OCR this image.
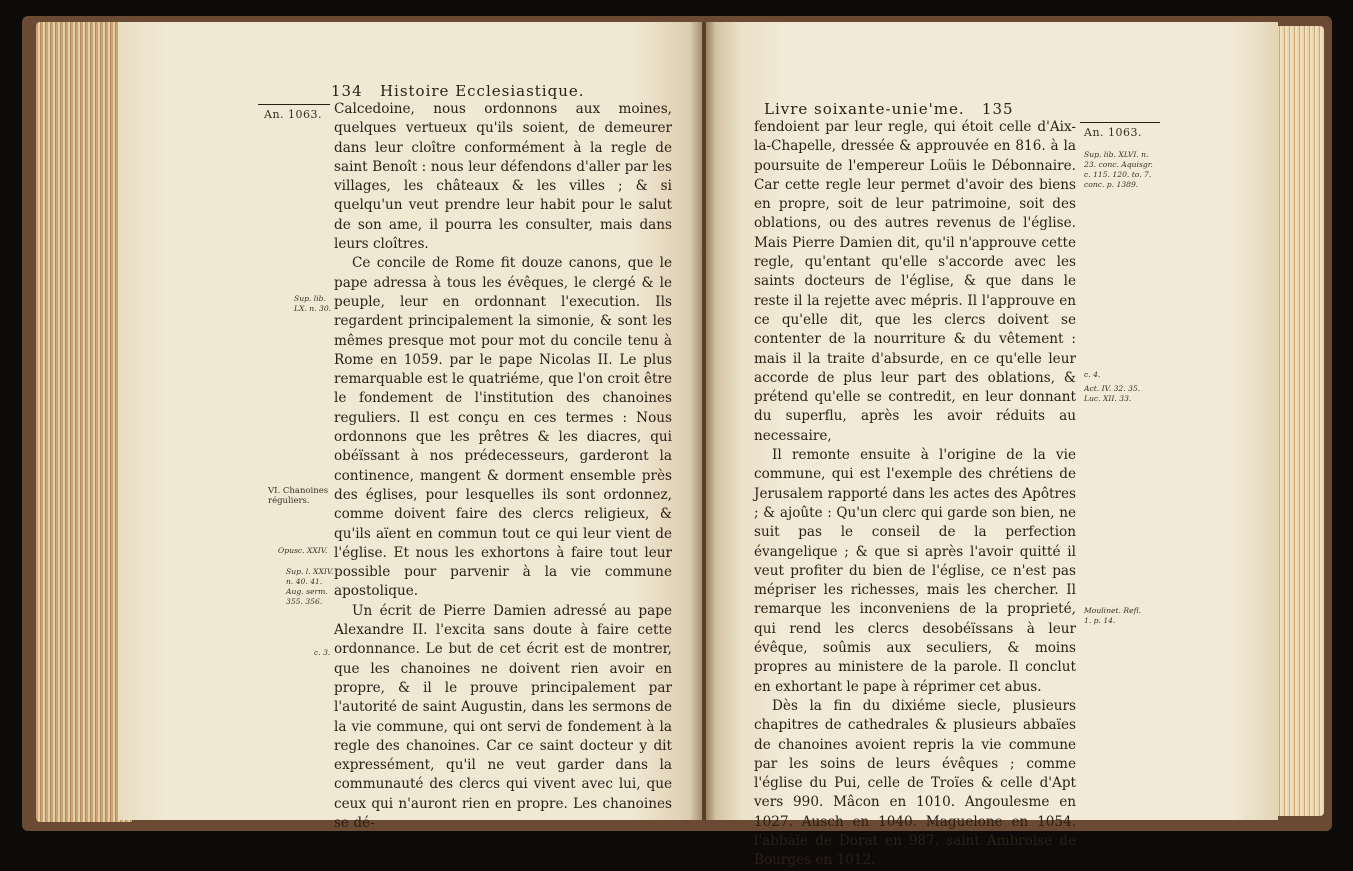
134 Histoire Ecclesiastique.
An. 1063.
Sup. lib. LX. n. 30.
VI. Chanoines réguliers.
Opusc. XXIV.
Sup. l. XXIV. n. 40. 41. Aug. serm. 355. 356.
c. 3.

Calcedoine, nous ordonnons aux moines, quelques vertueux qu'ils soient, de demeurer dans leur cloître conformément à la regle de saint Benoît : nous leur défendons d'aller par les villages, les châteaux & les villes ; & si quelqu'un veut prendre leur habit pour le salut de son ame, il pourra les consulter, mais dans leurs cloîtres.

Ce concile de Rome fit douze canons, que le pape adressa à tous les évêques, le clergé & le peuple, leur en ordonnant l'execution. Ils regardent principalement la simonie, & sont les mêmes presque mot pour mot du concile tenu à Rome en 1059. par le pape Nicolas II. Le plus remarquable est le quatriéme, que l'on croit être le fondement de l'institution des chanoines reguliers. Il est conçu en ces termes : Nous ordonnons que les prêtres & les diacres, qui obéïssant à nos prédecesseurs, garderont la continence, mangent & dorment ensemble près des églises, pour lesquelles ils sont ordonnez, comme doivent faire des clercs religieux, & qu'ils aïent en commun tout ce qui leur vient de l'église. Et nous les exhortons à faire tout leur possible pour parvenir à la vie commune apostolique.

Un écrit de Pierre Damien adressé au pape Alexandre II. l'excita sans doute à faire cette ordonnance. Le but de cet écrit est de montrer, que les chanoines ne doivent rien avoir en propre, & il le prouve principalement par l'autorité de saint Augustin, dans les sermons de la vie commune, qui ont servi de fondement à la regle des chanoines. Car ce saint docteur y dit expressément, qu'il ne veut garder dans la communauté des clercs qui vivent avec lui, que ceux qui n'auront rien en propre. Les chanoines se dé-

Livre soixante-unie'me. 135
An. 1063.
Sup. lib. XLVI. n. 23. conc. Aquisgr. c. 115. 120. to. 7. conc. p. 1389.
c. 4.
Act. IV. 32. 35. Luc. XII. 33.
Moulinet. Refl. 1. p. 14.

fendoient par leur regle, qui étoit celle d'Aix-la-Chapelle, dressée & approuvée en 816. à la poursuite de l'empereur Loüis le Débonnaire. Car cette regle leur permet d'avoir des biens en propre, soit de leur patrimoine, soit des oblations, ou des autres revenus de l'église. Mais Pierre Damien dit, qu'il n'approuve cette regle, qu'entant qu'elle s'accorde avec les saints docteurs de l'église, & que dans le reste il la rejette avec mépris. Il l'approuve en ce qu'elle dit, que les clercs doivent se contenter de la nourriture & du vêtement : mais il la traite d'absurde, en ce qu'elle leur accorde de plus leur part des oblations, & prétend qu'elle se contredit, en leur donnant du superflu, après les avoir réduits au necessaire,

Il remonte ensuite à l'origine de la vie commune, qui est l'exemple des chrétiens de Jerusalem rapporté dans les actes des Apôtres ; & ajoûte : Qu'un clerc qui garde son bien, ne suit pas le conseil de la perfection évangelique ; & que si après l'avoir quitté il veut profiter du bien de l'église, ce n'est pas mépriser les richesses, mais les chercher. Il remarque les inconveniens de la proprieté, qui rend les clercs desobéïssans à leur évêque, soûmis aux seculiers, & moins propres au ministere de la parole. Il conclut en exhortant le pape à réprimer cet abus.

Dès la fin du dixiéme siecle, plusieurs chapitres de cathedrales & plusieurs abbaïes de chanoines avoient repris la vie commune par les soins de leurs évêques ; comme l'église du Pui, celle de Troïes & celle d'Apt vers 990. Mâcon en 1010. Angoulesme en 1027. Ausch en 1040. Maguelone en 1054. l'abbaïe de Dorat en 987. saint Ambroise de Bourges en 1012.
